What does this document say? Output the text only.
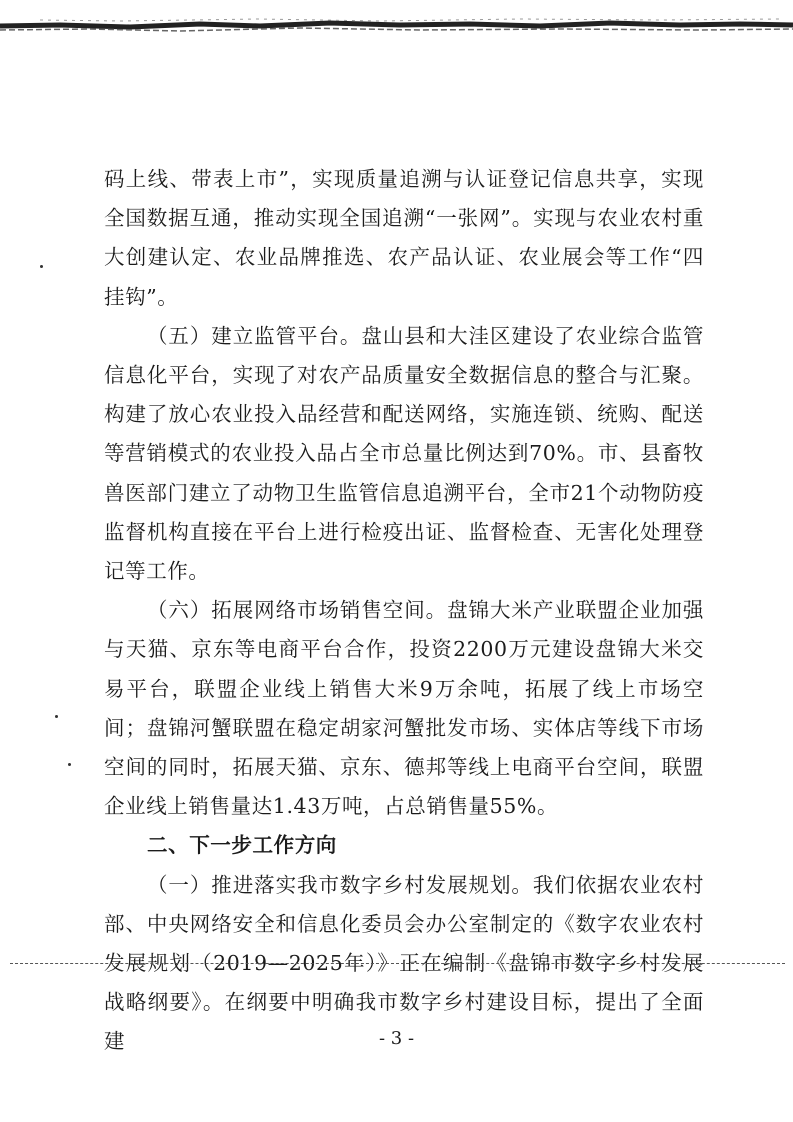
码上线、带表上市”，实现质量追溯与认证登记信息共享，实现全国数据互通，推动实现全国追溯“一张网”。实现与农业农村重大创建认定、农业品牌推选、农产品认证、农业展会等工作“四挂钩”。

（五）建立监管平台。盘山县和大洼区建设了农业综合监管信息化平台，实现了对农产品质量安全数据信息的整合与汇聚。构建了放心农业投入品经营和配送网络，实施连锁、统购、配送等营销模式的农业投入品占全市总量比例达到70%。市、县畜牧兽医部门建立了动物卫生监管信息追溯平台，全市21个动物防疫监督机构直接在平台上进行检疫出证、监督检查、无害化处理登记等工作。

（六）拓展网络市场销售空间。盘锦大米产业联盟企业加强与天猫、京东等电商平台合作，投资2200万元建设盘锦大米交易平台，联盟企业线上销售大米9万余吨，拓展了线上市场空间；盘锦河蟹联盟在稳定胡家河蟹批发市场、实体店等线下市场空间的同时，拓展天猫、京东、德邦等线上电商平台空间，联盟企业线上销售量达1.43万吨，占总销售量55%。

二、下一步工作方向

（一）推进落实我市数字乡村发展规划。我们依据农业农村部、中央网络安全和信息化委员会办公室制定的《数字农业农村发展规划（2019—2025年）》正在编制《盘锦市数字乡村发展战略纲要》。在纲要中明确我市数字乡村建设目标，提出了全面建	- 3 -
